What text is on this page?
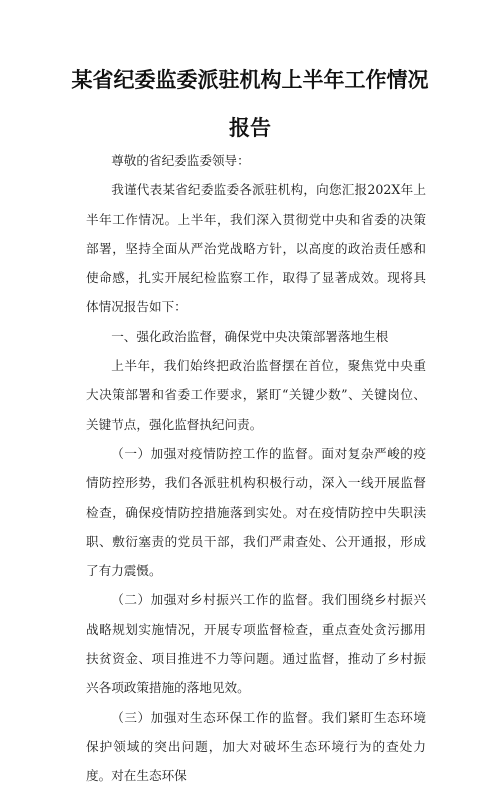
某省纪委监委派驻机构上半年工作情况
报告

尊敬的省纪委监委领导：

我谨代表某省纪委监委各派驻机构，向您汇报202X年上半年工作情况。上半年，我们深入贯彻党中央和省委的决策部署，坚持全面从严治党战略方针，以高度的政治责任感和使命感，扎实开展纪检监察工作，取得了显著成效。现将具体情况报告如下：

一、强化政治监督，确保党中央决策部署落地生根

上半年，我们始终把政治监督摆在首位，聚焦党中央重大决策部署和省委工作要求，紧盯“关键少数”、关键岗位、关键节点，强化监督执纪问责。

（一）加强对疫情防控工作的监督。面对复杂严峻的疫情防控形势，我们各派驻机构积极行动，深入一线开展监督检查，确保疫情防控措施落到实处。对在疫情防控中失职渎职、敷衍塞责的党员干部，我们严肃查处、公开通报，形成了有力震慑。

（二）加强对乡村振兴工作的监督。我们围绕乡村振兴战略规划实施情况，开展专项监督检查，重点查处贪污挪用扶贫资金、项目推进不力等问题。通过监督，推动了乡村振兴各项政策措施的落地见效。

（三）加强对生态环保工作的监督。我们紧盯生态环境保护领域的突出问题，加大对破坏生态环境行为的查处力度。对在生态环保
